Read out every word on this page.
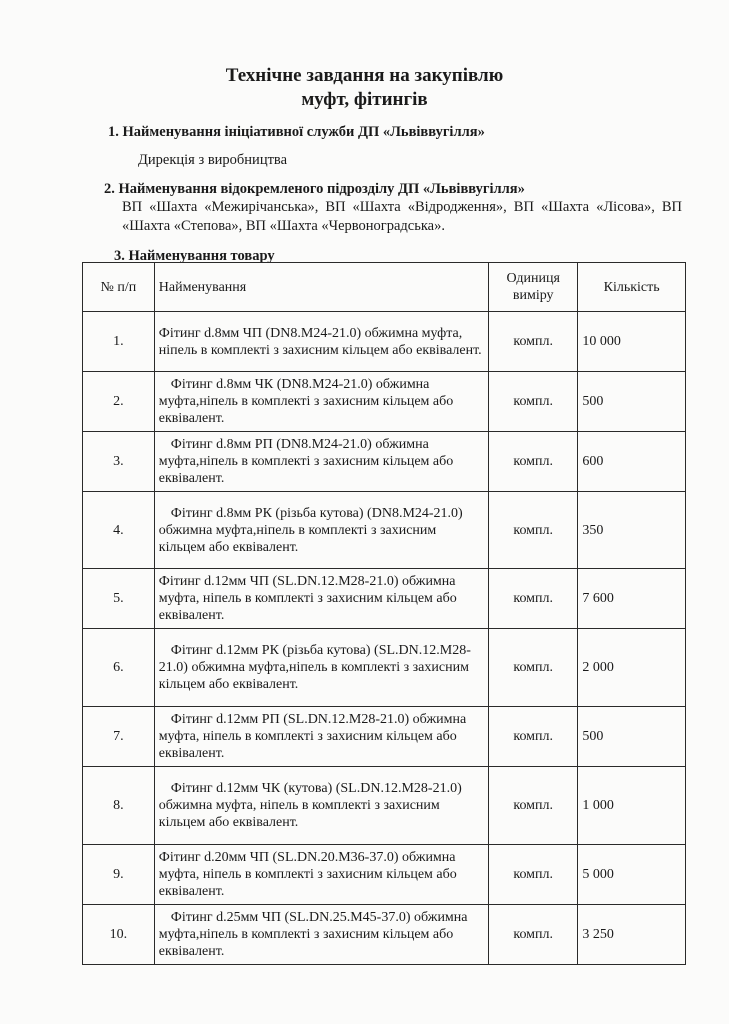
Технічне завдання на закупівлю
муфт, фітингів
1. Найменування ініціативної служби ДП «Львіввугілля»
Дирекція з виробництва
2. Найменування відокремленого підрозділу ДП «Львіввугілля»
ВП «Шахта «Межирічанська», ВП «Шахта «Відродження», ВП «Шахта «Лісова», ВП «Шахта «Степова», ВП «Шахта «Червоноградська».
3. Найменування товару
№ п/п	Найменування	Одиниця виміру	Кількість
1.	Фітинг d.8мм ЧП (DN8.M24-21.0) обжимна муфта, ніпель в комплекті з захисним кільцем або еквівалент.	компл.	10 000
2.	Фітинг d.8мм ЧК (DN8.M24-21.0) обжимна муфта,ніпель в комплекті з захисним кільцем або еквівалент.	компл.	500
3.	Фітинг d.8мм РП (DN8.M24-21.0) обжимна муфта,ніпель в комплекті з захисним кільцем або еквівалент.	компл.	600
4.	Фітинг d.8мм РК (різьба кутова) (DN8.M24-21.0) обжимна муфта,ніпель в комплекті з захисним кільцем або еквівалент.	компл.	350
5.	Фітинг d.12мм ЧП (SL.DN.12.M28-21.0) обжимна муфта, ніпель в комплекті з захисним кільцем або еквівалент.	компл.	7 600
6.	Фітинг d.12мм РК (різьба кутова) (SL.DN.12.M28-21.0) обжимна муфта,ніпель в комплекті з захисним кільцем або еквівалент.	компл.	2 000
7.	Фітинг d.12мм РП (SL.DN.12.M28-21.0) обжимна муфта, ніпель в комплекті з захисним кільцем або еквівалент.	компл.	500
8.	Фітинг d.12мм ЧК (кутова) (SL.DN.12.M28-21.0) обжимна муфта, ніпель в комплекті з захисним кільцем або еквівалент.	компл.	1 000
9.	Фітинг d.20мм ЧП (SL.DN.20.M36-37.0) обжимна муфта, ніпель в комплекті з захисним кільцем або еквівалент.	компл.	5 000
10.	Фітинг d.25мм ЧП (SL.DN.25.M45-37.0) обжимна муфта,ніпель в комплекті з захисним кільцем або еквівалент.	компл.	3 250
